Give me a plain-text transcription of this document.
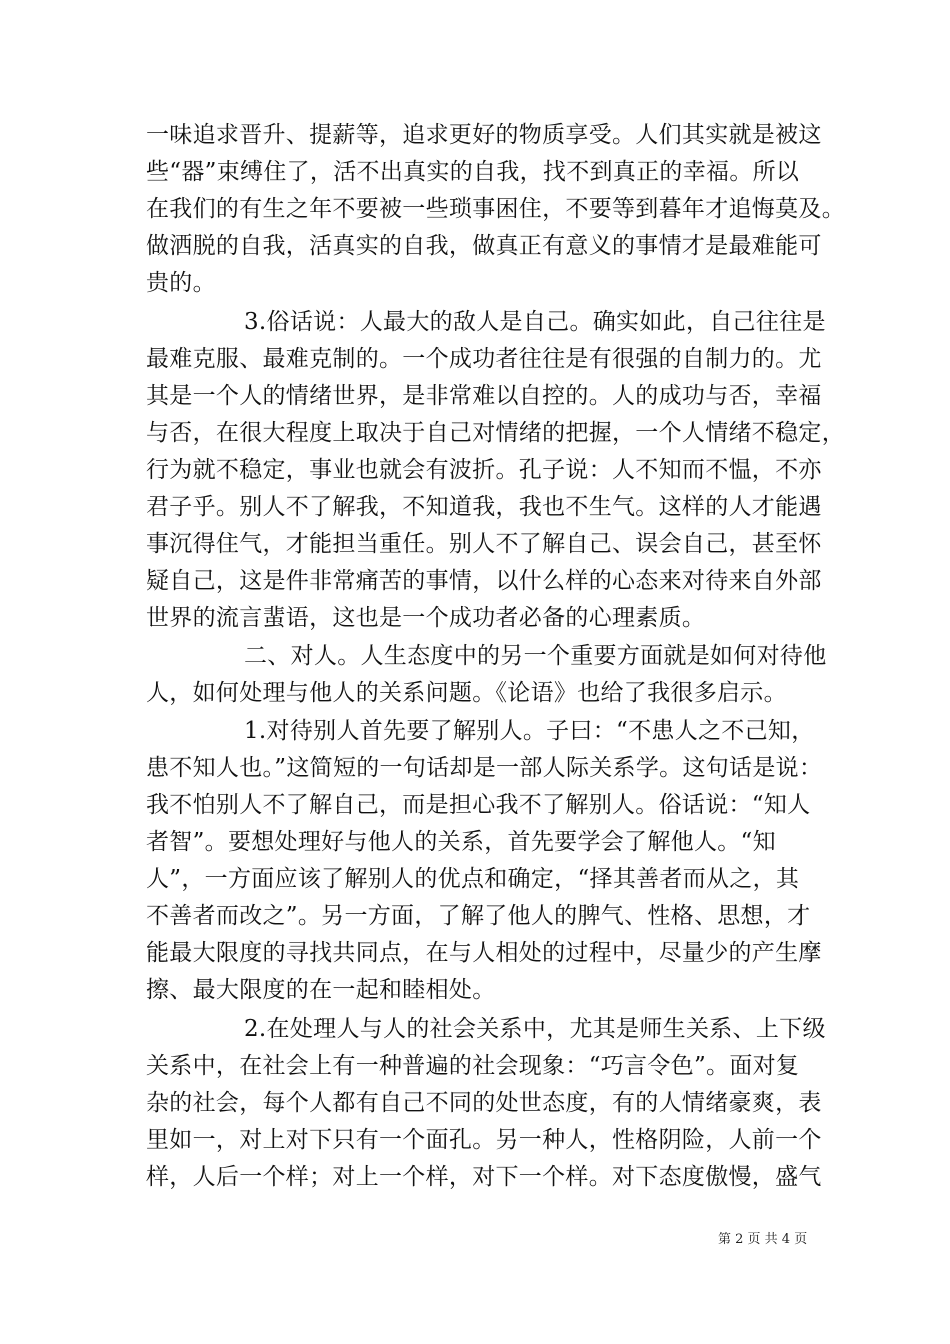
一味追求晋升、提薪等，追求更好的物质享受。人们其实就是被这
些“器”束缚住了，活不出真实的自我，找不到真正的幸福。所以
在我们的有生之年不要被一些琐事困住，不要等到暮年才追悔莫及。
做洒脱的自我，活真实的自我，做真正有意义的事情才是最难能可
贵的。
3.俗话说：人最大的敌人是自己。确实如此，自己往往是
最难克服、最难克制的。一个成功者往往是有很强的自制力的。尤
其是一个人的情绪世界，是非常难以自控的。人的成功与否，幸福
与否，在很大程度上取决于自己对情绪的把握，一个人情绪不稳定，
行为就不稳定，事业也就会有波折。孔子说：人不知而不愠，不亦
君子乎。别人不了解我，不知道我，我也不生气。这样的人才能遇
事沉得住气，才能担当重任。别人不了解自己、误会自己，甚至怀
疑自己，这是件非常痛苦的事情，以什么样的心态来对待来自外部
世界的流言蜚语，这也是一个成功者必备的心理素质。
二、对人。人生态度中的另一个重要方面就是如何对待他
人，如何处理与他人的关系问题。《论语》也给了我很多启示。
1.对待别人首先要了解别人。子曰：“不患人之不己知，
患不知人也。”这简短的一句话却是一部人际关系学。这句话是说：
我不怕别人不了解自己，而是担心我不了解别人。俗话说：“知人
者智”。要想处理好与他人的关系，首先要学会了解他人。“知
人”，一方面应该了解别人的优点和确定，“择其善者而从之，其
不善者而改之”。另一方面，了解了他人的脾气、性格、思想，才
能最大限度的寻找共同点，在与人相处的过程中，尽量少的产生摩
擦、最大限度的在一起和睦相处。
2.在处理人与人的社会关系中，尤其是师生关系、上下级
关系中，在社会上有一种普遍的社会现象：“巧言令色”。面对复
杂的社会，每个人都有自己不同的处世态度，有的人情绪豪爽，表
里如一，对上对下只有一个面孔。另一种人，性格阴险，人前一个
样，人后一个样；对上一个样，对下一个样。对下态度傲慢，盛气
第 2 页 共 4 页
